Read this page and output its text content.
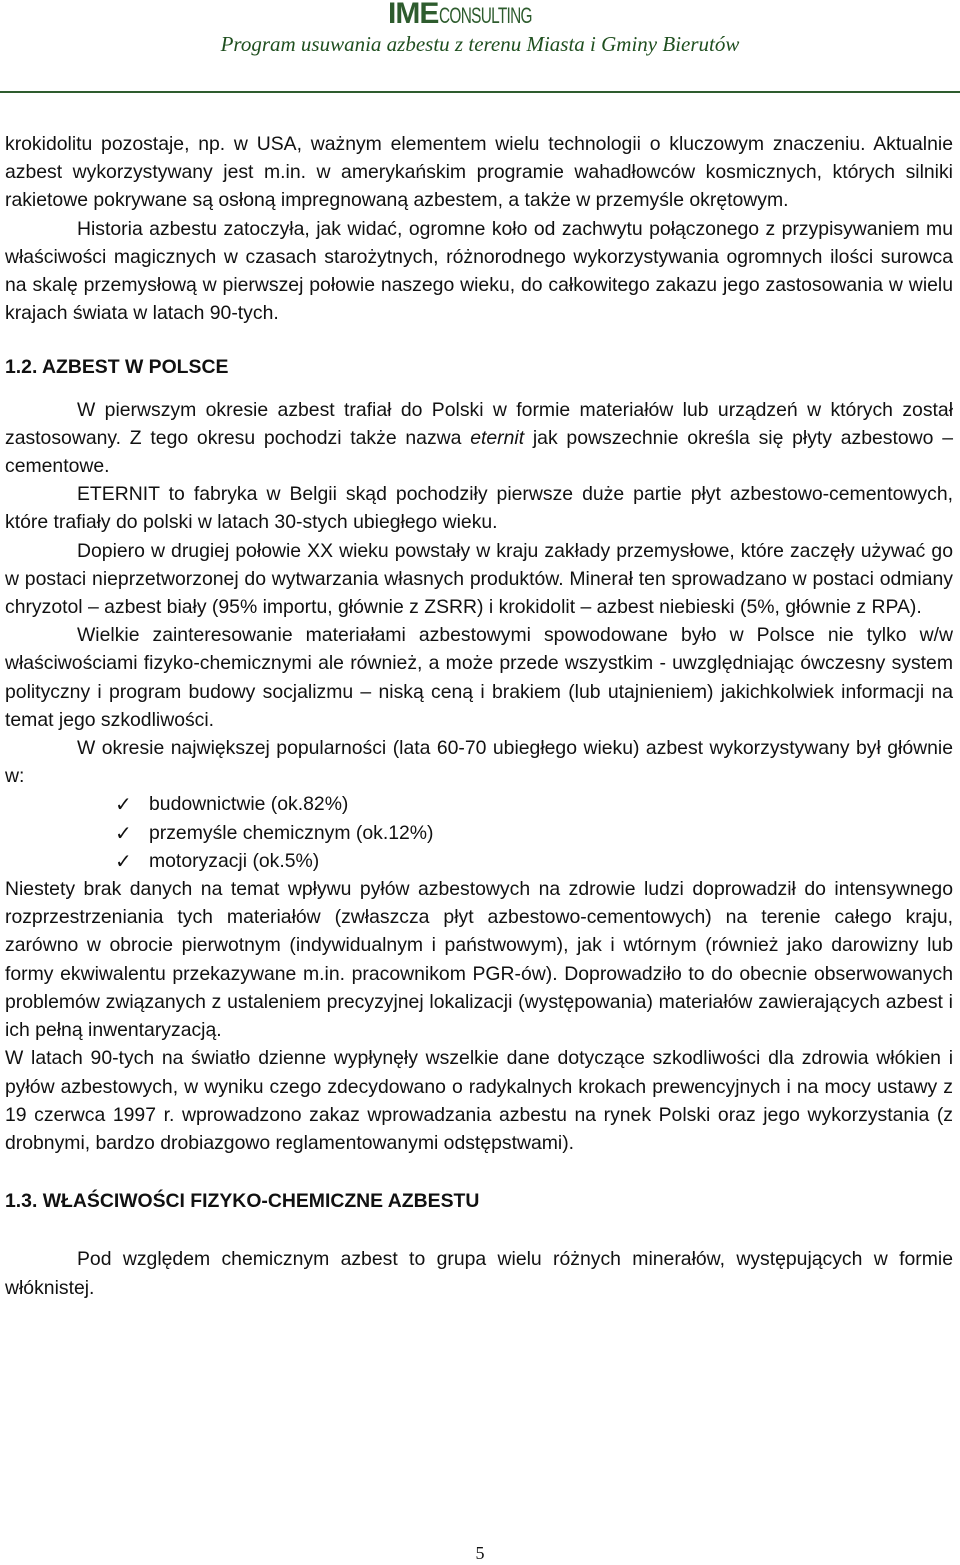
IMECONSULTING
Program usuwania azbestu z terenu Miasta i Gminy Bierutów

krokidolitu pozostaje, np. w USA, ważnym elementem wielu technologii o kluczowym znaczeniu. Aktualnie azbest wykorzystywany jest m.in. w amerykańskim programie wahadłowców kosmicznych, których silniki rakietowe pokrywane są osłoną impregnowaną azbestem, a także w przemyśle okrętowym.

Historia azbestu zatoczyła, jak widać, ogromne koło od zachwytu połączonego z przypisywaniem mu właściwości magicznych w czasach starożytnych, różnorodnego wykorzystywania ogromnych ilości surowca na skalę przemysłową w pierwszej połowie naszego wieku, do całkowitego zakazu jego zastosowania w wielu krajach świata w latach 90-tych.

1.2. AZBEST W POLSCE

W pierwszym okresie azbest trafiał do Polski w formie materiałów lub urządzeń w których został zastosowany. Z tego okresu pochodzi także nazwa eternit jak powszechnie określa się płyty azbestowo – cementowe.

ETERNIT to fabryka w Belgii skąd pochodziły pierwsze duże partie płyt azbestowo-cementowych, które trafiały do polski w latach 30-stych ubiegłego wieku.

Dopiero w drugiej połowie XX wieku powstały w kraju zakłady przemysłowe, które zaczęły używać go w postaci nieprzetworzonej do wytwarzania własnych produktów. Minerał ten sprowadzano w postaci odmiany chryzotol – azbest biały (95% importu, głównie z ZSRR) i krokidolit – azbest niebieski (5%, głównie z RPA).

Wielkie zainteresowanie materiałami azbestowymi spowodowane było w Polsce nie tylko w/w właściwościami fizyko-chemicznymi ale również, a może przede wszystkim - uwzględniając ówczesny system polityczny i program budowy socjalizmu – niską ceną i brakiem (lub utajnieniem) jakichkolwiek informacji na temat jego szkodliwości.

W okresie największej popularności (lata 60-70 ubiegłego wieku) azbest wykorzystywany był głównie w:

✓ budownictwie (ok.82%)
✓ przemyśle chemicznym (ok.12%)
✓ motoryzacji (ok.5%)

Niestety brak danych na temat wpływu pyłów azbestowych na zdrowie ludzi doprowadził do intensywnego rozprzestrzeniania tych materiałów (zwłaszcza płyt azbestowo-cementowych) na terenie całego kraju, zarówno w obrocie pierwotnym (indywidualnym i państwowym), jak i wtórnym (również jako darowizny lub formy ekwiwalentu przekazywane m.in. pracownikom PGR-ów). Doprowadziło to do obecnie obserwowanych problemów związanych z ustaleniem precyzyjnej lokalizacji (występowania) materiałów zawierających azbest i ich pełną inwentaryzacją.

W latach 90-tych na światło dzienne wypłynęły wszelkie dane dotyczące szkodliwości dla zdrowia włókien i pyłów azbestowych, w wyniku czego zdecydowano o radykalnych krokach prewencyjnych i na mocy ustawy z 19 czerwca 1997 r. wprowadzono zakaz wprowadzania azbestu na rynek Polski oraz jego wykorzystania (z drobnymi, bardzo drobiazgowo reglamentowanymi odstępstwami).

1.3. WŁAŚCIWOŚCI FIZYKO-CHEMICZNE AZBESTU

Pod względem chemicznym azbest to grupa wielu różnych minerałów, występujących w formie włóknistej.

5
